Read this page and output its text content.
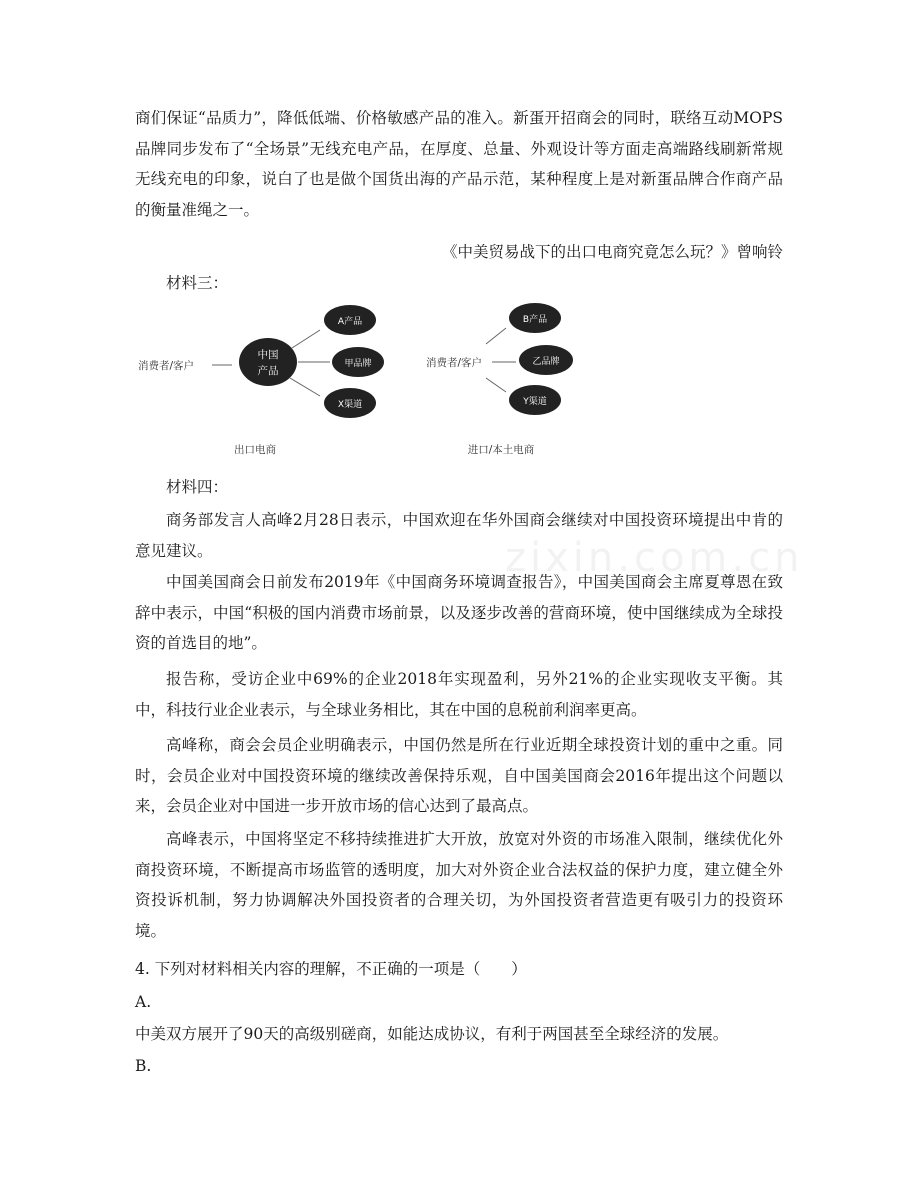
商们保证“品质力”，降低低端、价格敏感产品的准入。新蛋开招商会的同时，联络互动MOPS品牌同步发布了“全场景”无线充电产品，在厚度、总量、外观设计等方面走高端路线刷新常规无线充电的印象，说白了也是做个国货出海的产品示范，某种程度上是对新蛋品牌合作商产品的衡量准绳之一。

《中美贸易战下的出口电商究竟怎么玩？》曾响铃

材料三：

消费者/客户
中国
产品
A产品
甲品牌
X渠道
出口电商
消费者/客户
B产品
乙品牌
Y渠道
进口/本土电商

材料四：

商务部发言人高峰2月28日表示，中国欢迎在华外国商会继续对中国投资环境提出中肯的意见建议。

中国美国商会日前发布2019年《中国商务环境调查报告》，中国美国商会主席夏尊恩在致辞中表示，中国“积极的国内消费市场前景，以及逐步改善的营商环境，使中国继续成为全球投资的首选目的地”。

报告称，受访企业中69%的企业2018年实现盈利，另外21%的企业实现收支平衡。其中，科技行业企业表示，与全球业务相比，其在中国的息税前利润率更高。

高峰称，商会会员企业明确表示，中国仍然是所在行业近期全球投资计划的重中之重。同时，会员企业对中国投资环境的继续改善保持乐观，自中国美国商会2016年提出这个问题以来，会员企业对中国进一步开放市场的信心达到了最高点。

高峰表示，中国将坚定不移持续推进扩大开放，放宽对外资的市场准入限制，继续优化外商投资环境，不断提高市场监管的透明度，加大对外资企业合法权益的保护力度，建立健全外资投诉机制，努力协调解决外国投资者的合理关切，为外国投资者营造更有吸引力的投资环境。

4. 下列对材料相关内容的理解，不正确的一项是（　　）

A.

中美双方展开了90天的高级别磋商，如能达成协议，有利于两国甚至全球经济的发展。

B.

zixin.com.cn
